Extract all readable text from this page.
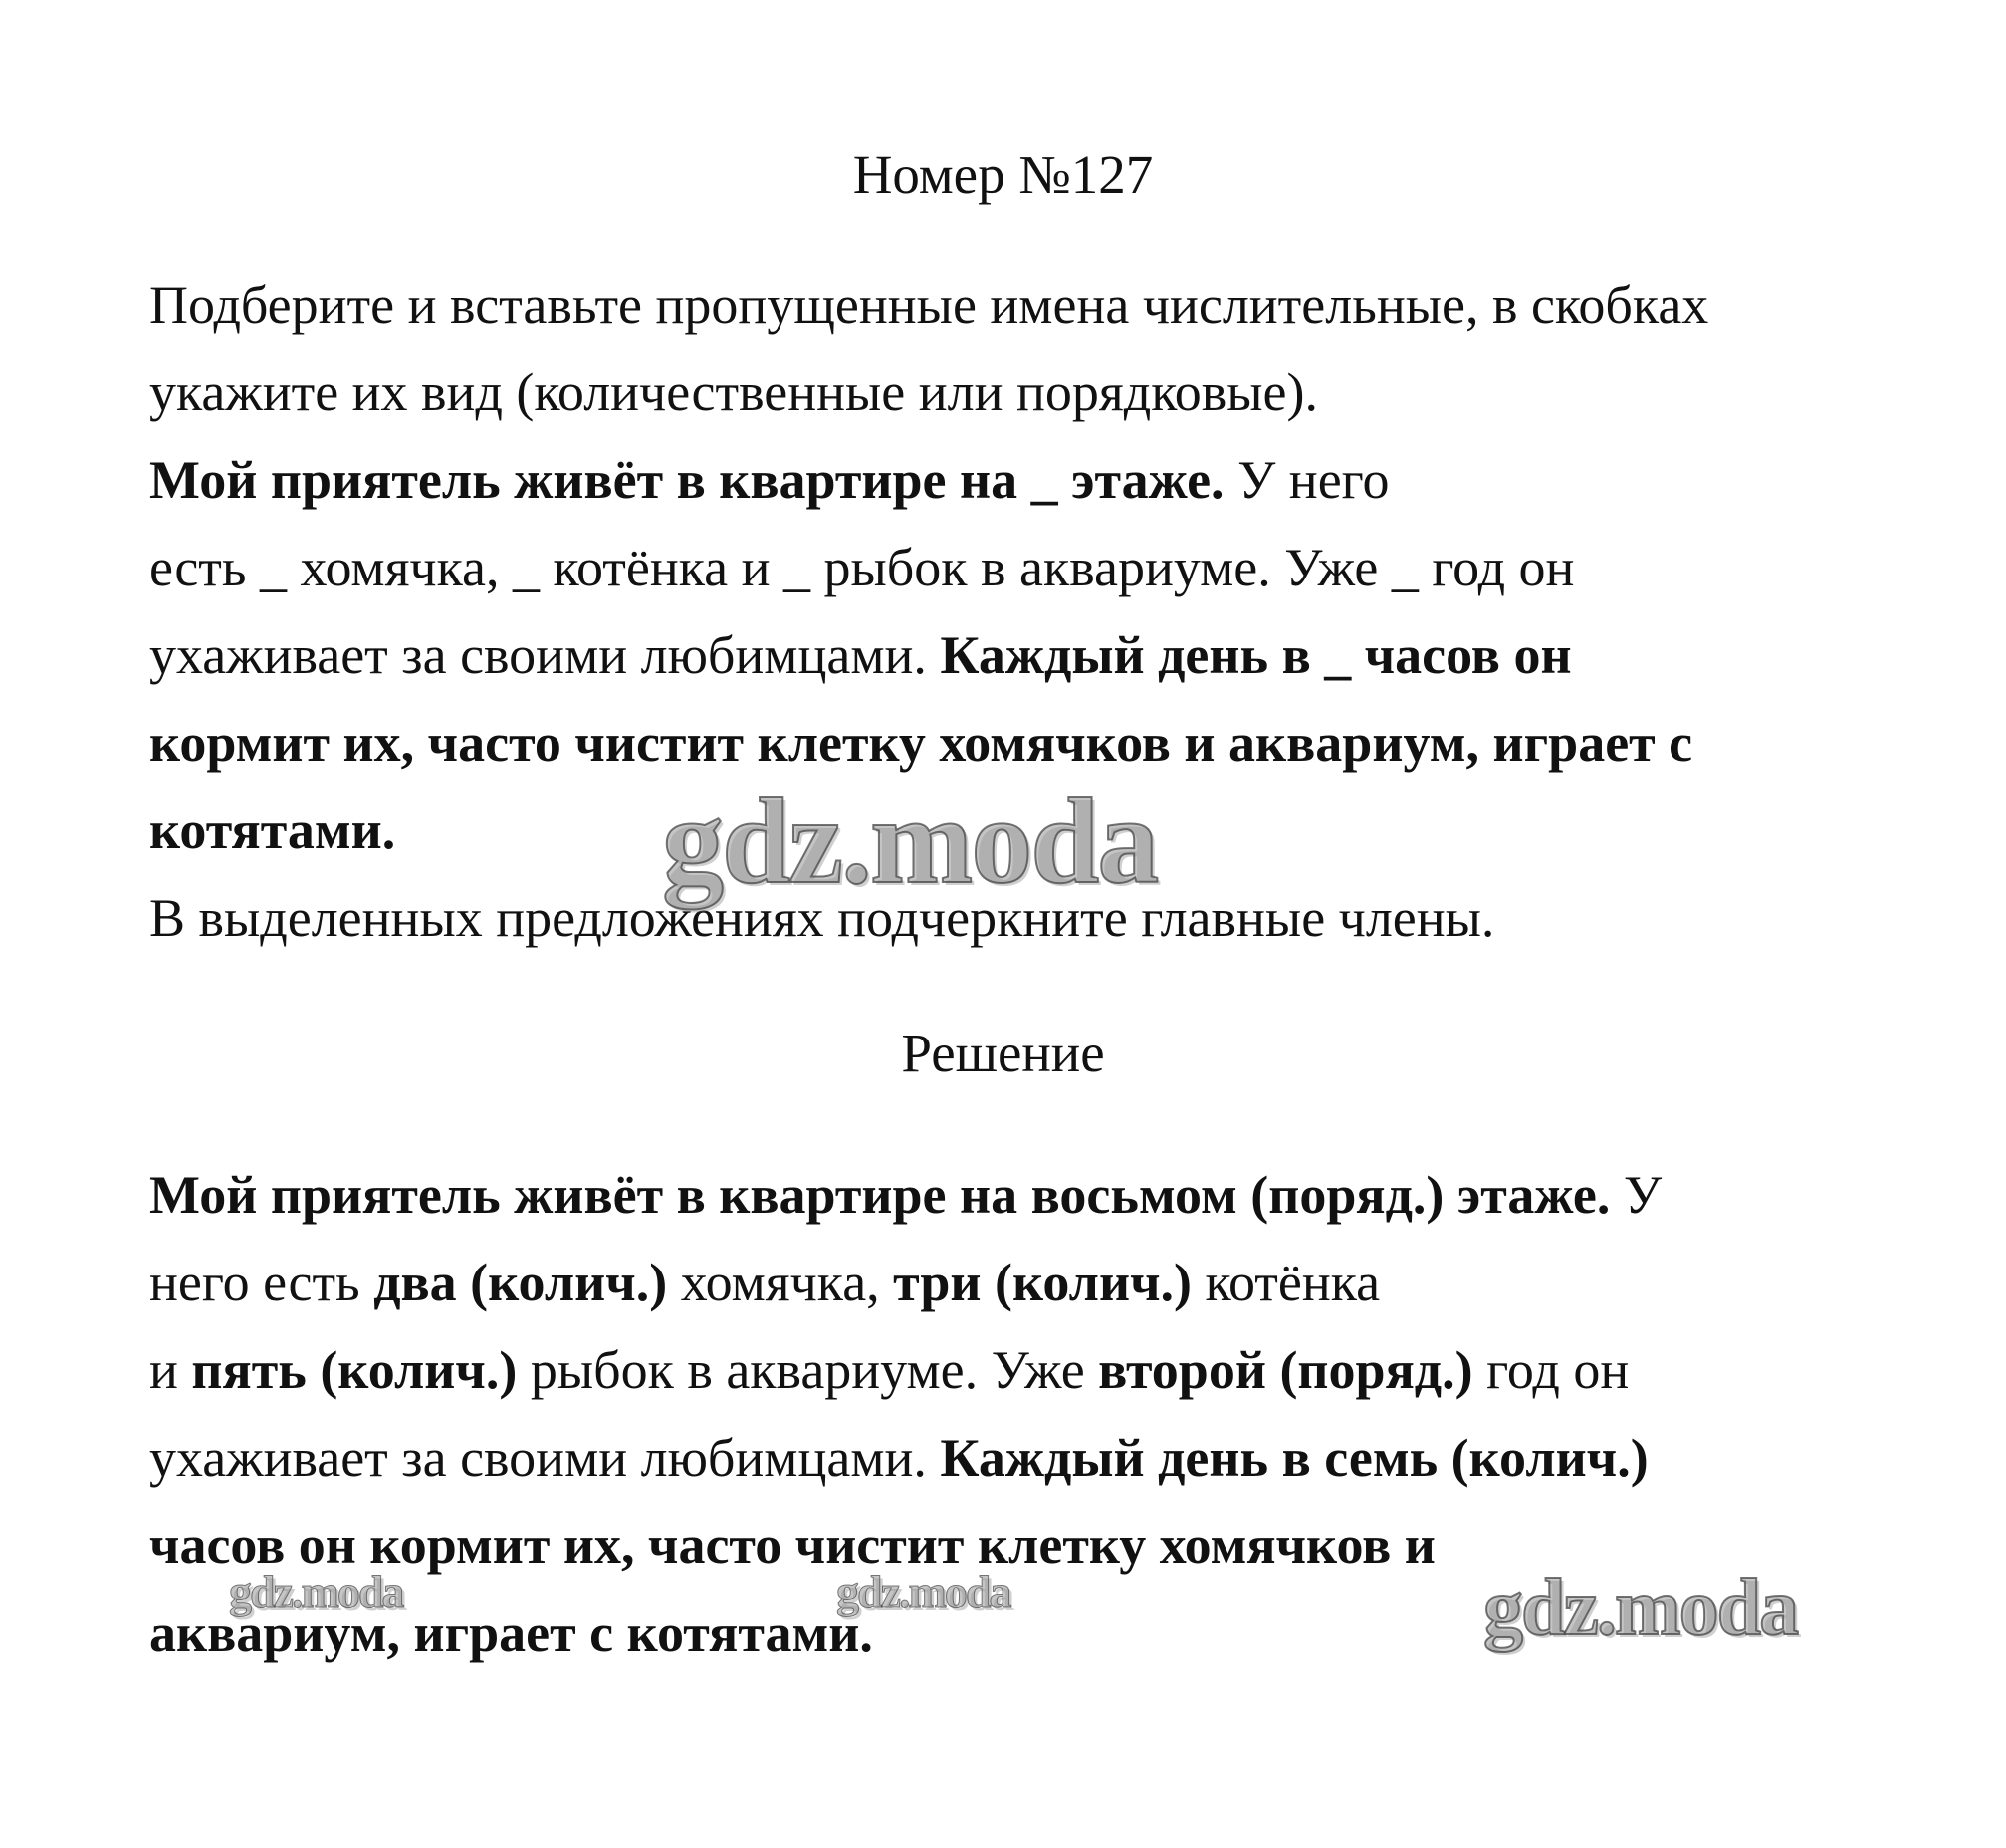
Номер №127
Подберите и вставьте пропущенные имена числительные, в скобках
укажите их вид (количественные или порядковые).
Мой приятель живёт в квартире на _ этаже. У него
есть _ хомячка, _ котёнка и _ рыбок в аквариуме. Уже _ год он
ухаживает за своими любимцами. Каждый день в _ часов он
кормит их, часто чистит клетку хомячков и аквариум, играет с
котятами.
В выделенных предложениях подчеркните главные члены.
Решение
Мой приятель живёт в квартире на восьмом (поряд.) этаже. У
него есть два (колич.) хомячка, три (колич.) котёнка
и пять (колич.) рыбок в аквариуме. Уже второй (поряд.) год он
ухаживает за своими любимцами. Каждый день в семь (колич.)
часов он кормит их, часто чистит клетку хомячков и
аквариум, играет с котятами.
gdz.moda
gdz.moda	gdz.moda	gdz.moda
